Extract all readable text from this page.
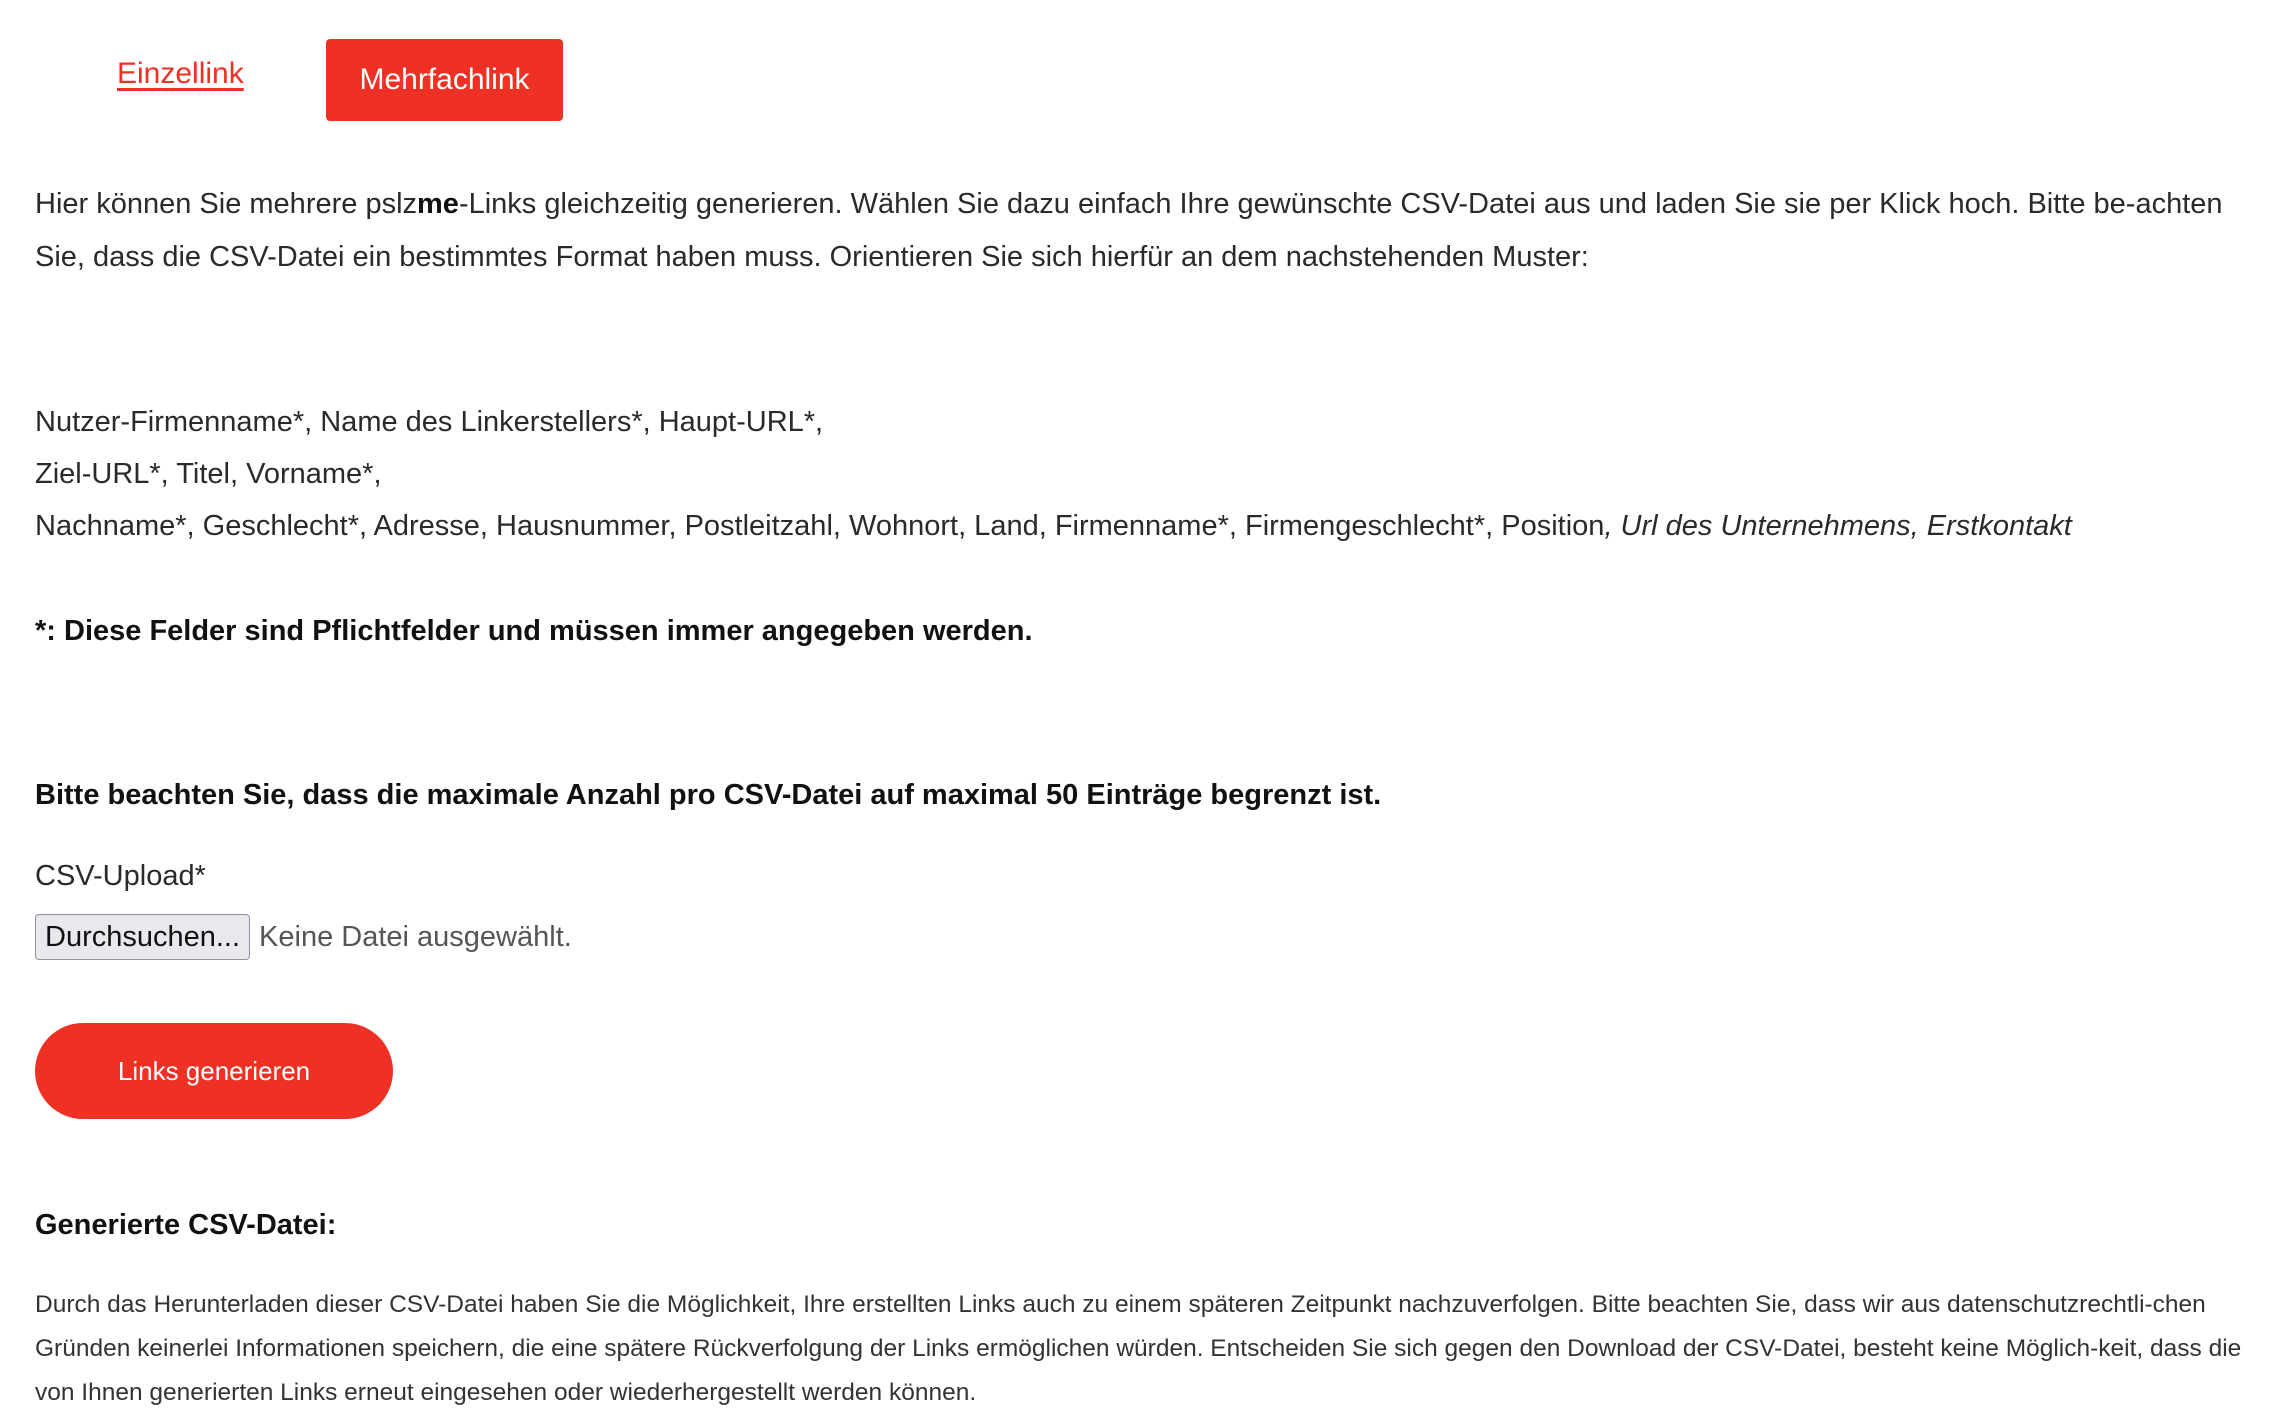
Einzellink	Mehrfachlink

Hier können Sie mehrere pslzme-Links gleichzeitig generieren. Wählen Sie dazu einfach Ihre gewünschte CSV-Datei aus und laden Sie sie per Klick hoch. Bitte be-achten Sie, dass die CSV-Datei ein bestimmtes Format haben muss. Orientieren Sie sich hierfür an dem nachstehenden Muster:

Nutzer-Firmenname*, Name des Linkerstellers*, Haupt-URL*,
Ziel-URL*, Titel, Vorname*,
Nachname*, Geschlecht*, Adresse, Hausnummer, Postleitzahl, Wohnort, Land, Firmenname*, Firmengeschlecht*, Position, Url des Unternehmens, Erstkontakt
*: Diese Felder sind Pflichtfelder und müssen immer angegeben werden.
Bitte beachten Sie, dass die maximale Anzahl pro CSV-Datei auf maximal 50 Einträge begrenzt ist.
CSV-Upload*
Durchsuchen... Keine Datei ausgewählt.
Links generieren
Generierte CSV-Datei:

Durch das Herunterladen dieser CSV-Datei haben Sie die Möglichkeit, Ihre erstellten Links auch zu einem späteren Zeitpunkt nachzuverfolgen. Bitte beachten Sie, dass wir aus datenschutzrechtli-chen Gründen keinerlei Informationen speichern, die eine spätere Rückverfolgung der Links ermöglichen würden. Entscheiden Sie sich gegen den Download der CSV-Datei, besteht keine Möglich-keit, dass die von Ihnen generierten Links erneut eingesehen oder wiederhergestellt werden können.
